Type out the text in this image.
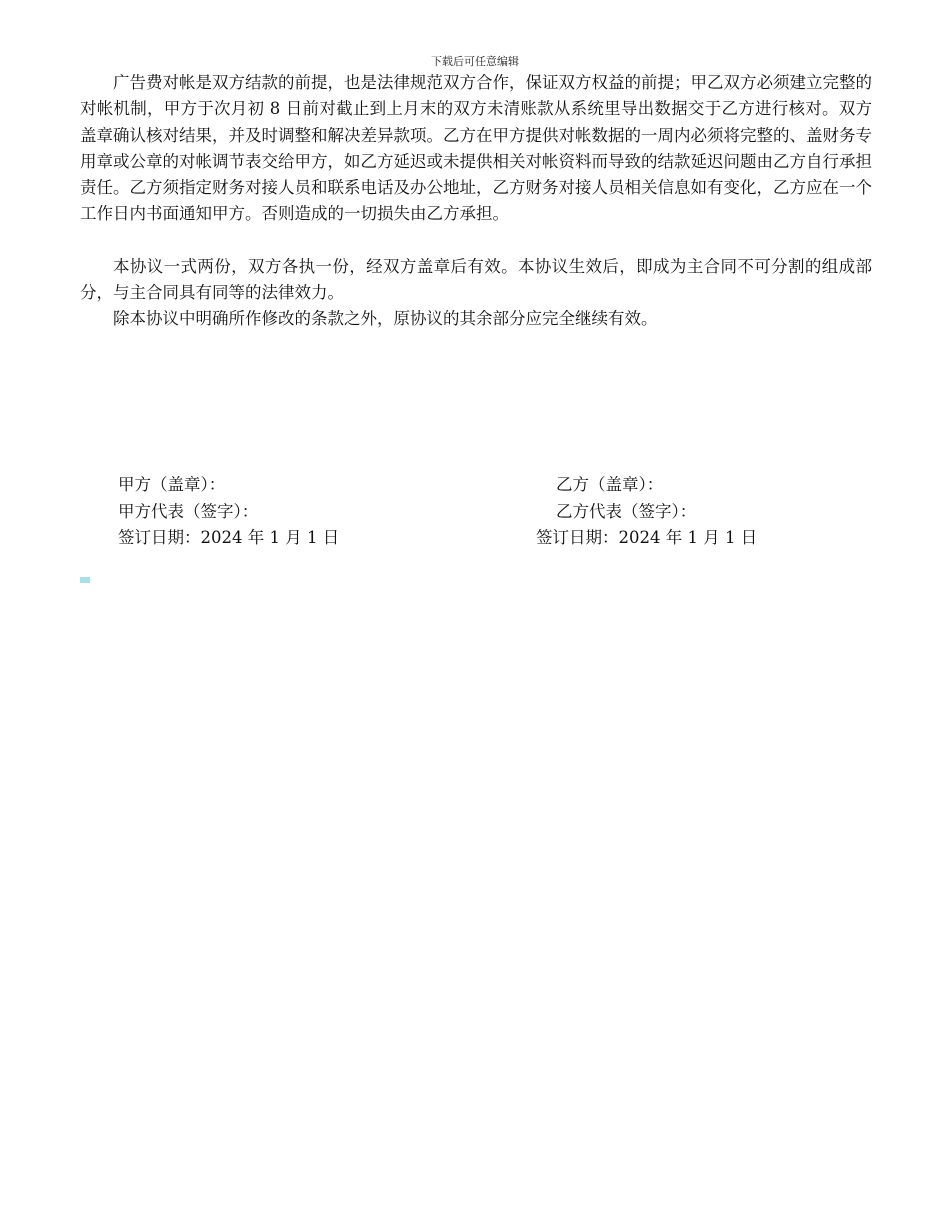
下载后可任意编辑

广告费对帐是双方结款的前提，也是法律规范双方合作，保证双方权益的前提；甲乙双方必须建立完整的对帐机制，甲方于次月初 8 日前对截止到上月末的双方未清账款从系统里导出数据交于乙方进行核对。双方盖章确认核对结果，并及时调整和解决差异款项。乙方在甲方提供对帐数据的一周内必须将完整的、盖财务专用章或公章的对帐调节表交给甲方，如乙方延迟或未提供相关对帐资料而导致的结款延迟问题由乙方自行承担责任。乙方须指定财务对接人员和联系电话及办公地址，乙方财务对接人员相关信息如有变化，乙方应在一个工作日内书面通知甲方。否则造成的一切损失由乙方承担。

本协议一式两份，双方各执一份，经双方盖章后有效。本协议生效后，即成为主合同不可分割的组成部分，与主合同具有同等的法律效力。

除本协议中明确所作修改的条款之外，原协议的其余部分应完全继续有效。

甲方（盖章）：
甲方代表（签字）：
签订日期：2024 年 1 月 1 日
乙方（盖章）：
乙方代表（签字）：
签订日期：2024 年 1 月 1 日
